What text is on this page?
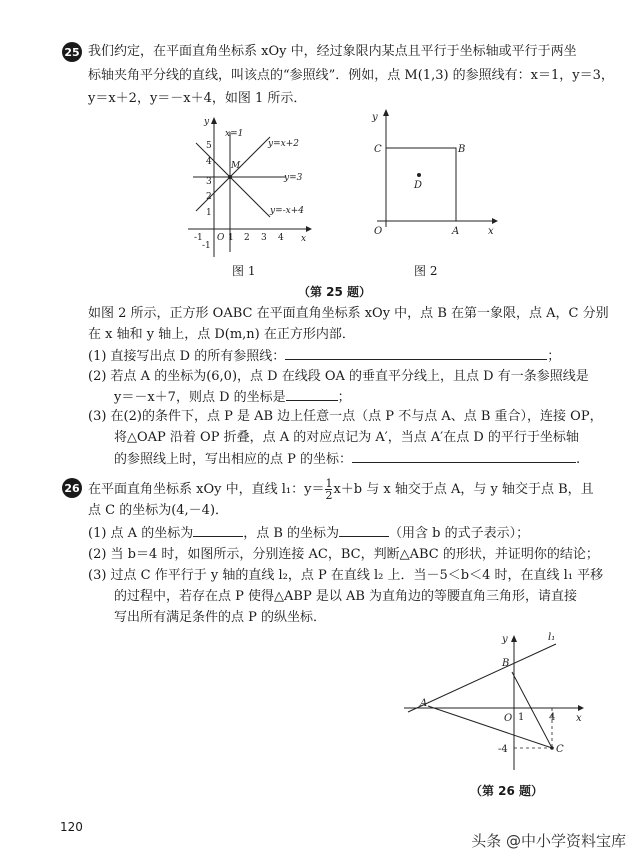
25 我们约定，在平面直角坐标系 xOy 中，经过象限内某点且平行于坐标轴或平行于两坐
标轴夹角平分线的直线，叫该点的“参照线”．例如，点 M(1,3) 的参照线有：x＝1，y＝3，
y＝x＋2，y＝－x＋4，如图 1 所示．
y
x
x=1
y=x+2
y=3
y=-x+4
M
O
5
4
3
2
1
-1
-1	1 2 3 4
图 1
y
x
O	A
B
C
D
图 2
（第 25 题）
如图 2 所示，正方形 OABC 在平面直角坐标系 xOy 中，点 B 在第一象限，点 A，C 分别
在 x 轴和 y 轴上，点 D(m,n) 在正方形内部．
(1) 直接写出点 D 的所有参照线：	；
(2) 若点 A 的坐标为(6,0)，点 D 在线段 OA 的垂直平分线上，且点 D 有一条参照线是
y＝－x＋7，则点 D 的坐标是	；
(3) 在(2)的条件下，点 P 是 AB 边上任意一点（点 P 不与点 A、点 B 重合），连接 OP，
将△OAP 沿着 OP 折叠，点 A 的对应点记为 A′，当点 A′在点 D 的平行于坐标轴
的参照线上时，写出相应的点 P 的坐标：	.
26 在平面直角坐标系 xOy 中，直线 l₁：$y= \frac{1}{2} x+b$ 与 x 轴交于点 A，与 y 轴交于点 B，且
点 C 的坐标为(4,－4)．
(1) 点 A 的坐标为	，点 B 的坐标为	（用含 b 的式子表示）；
(2) 当 b＝4 时，如图所示，分别连接 AC，BC，判断△ABC 的形状，并证明你的结论；
(3) 过点 C 作平行于 y 轴的直线 l₂，点 P 在直线 l₂ 上．当－5＜b＜4 时，在直线 l₁ 平移
的过程中，若存在点 P 使得△ABP 是以 AB 为直角边的等腰直角三角形，请直接
写出所有满足条件的点 P 的纵坐标．
y
x
l₁
A
B
C
O 1 4
-4
（第 26 题）
120
头条 @中小学资料宝库
